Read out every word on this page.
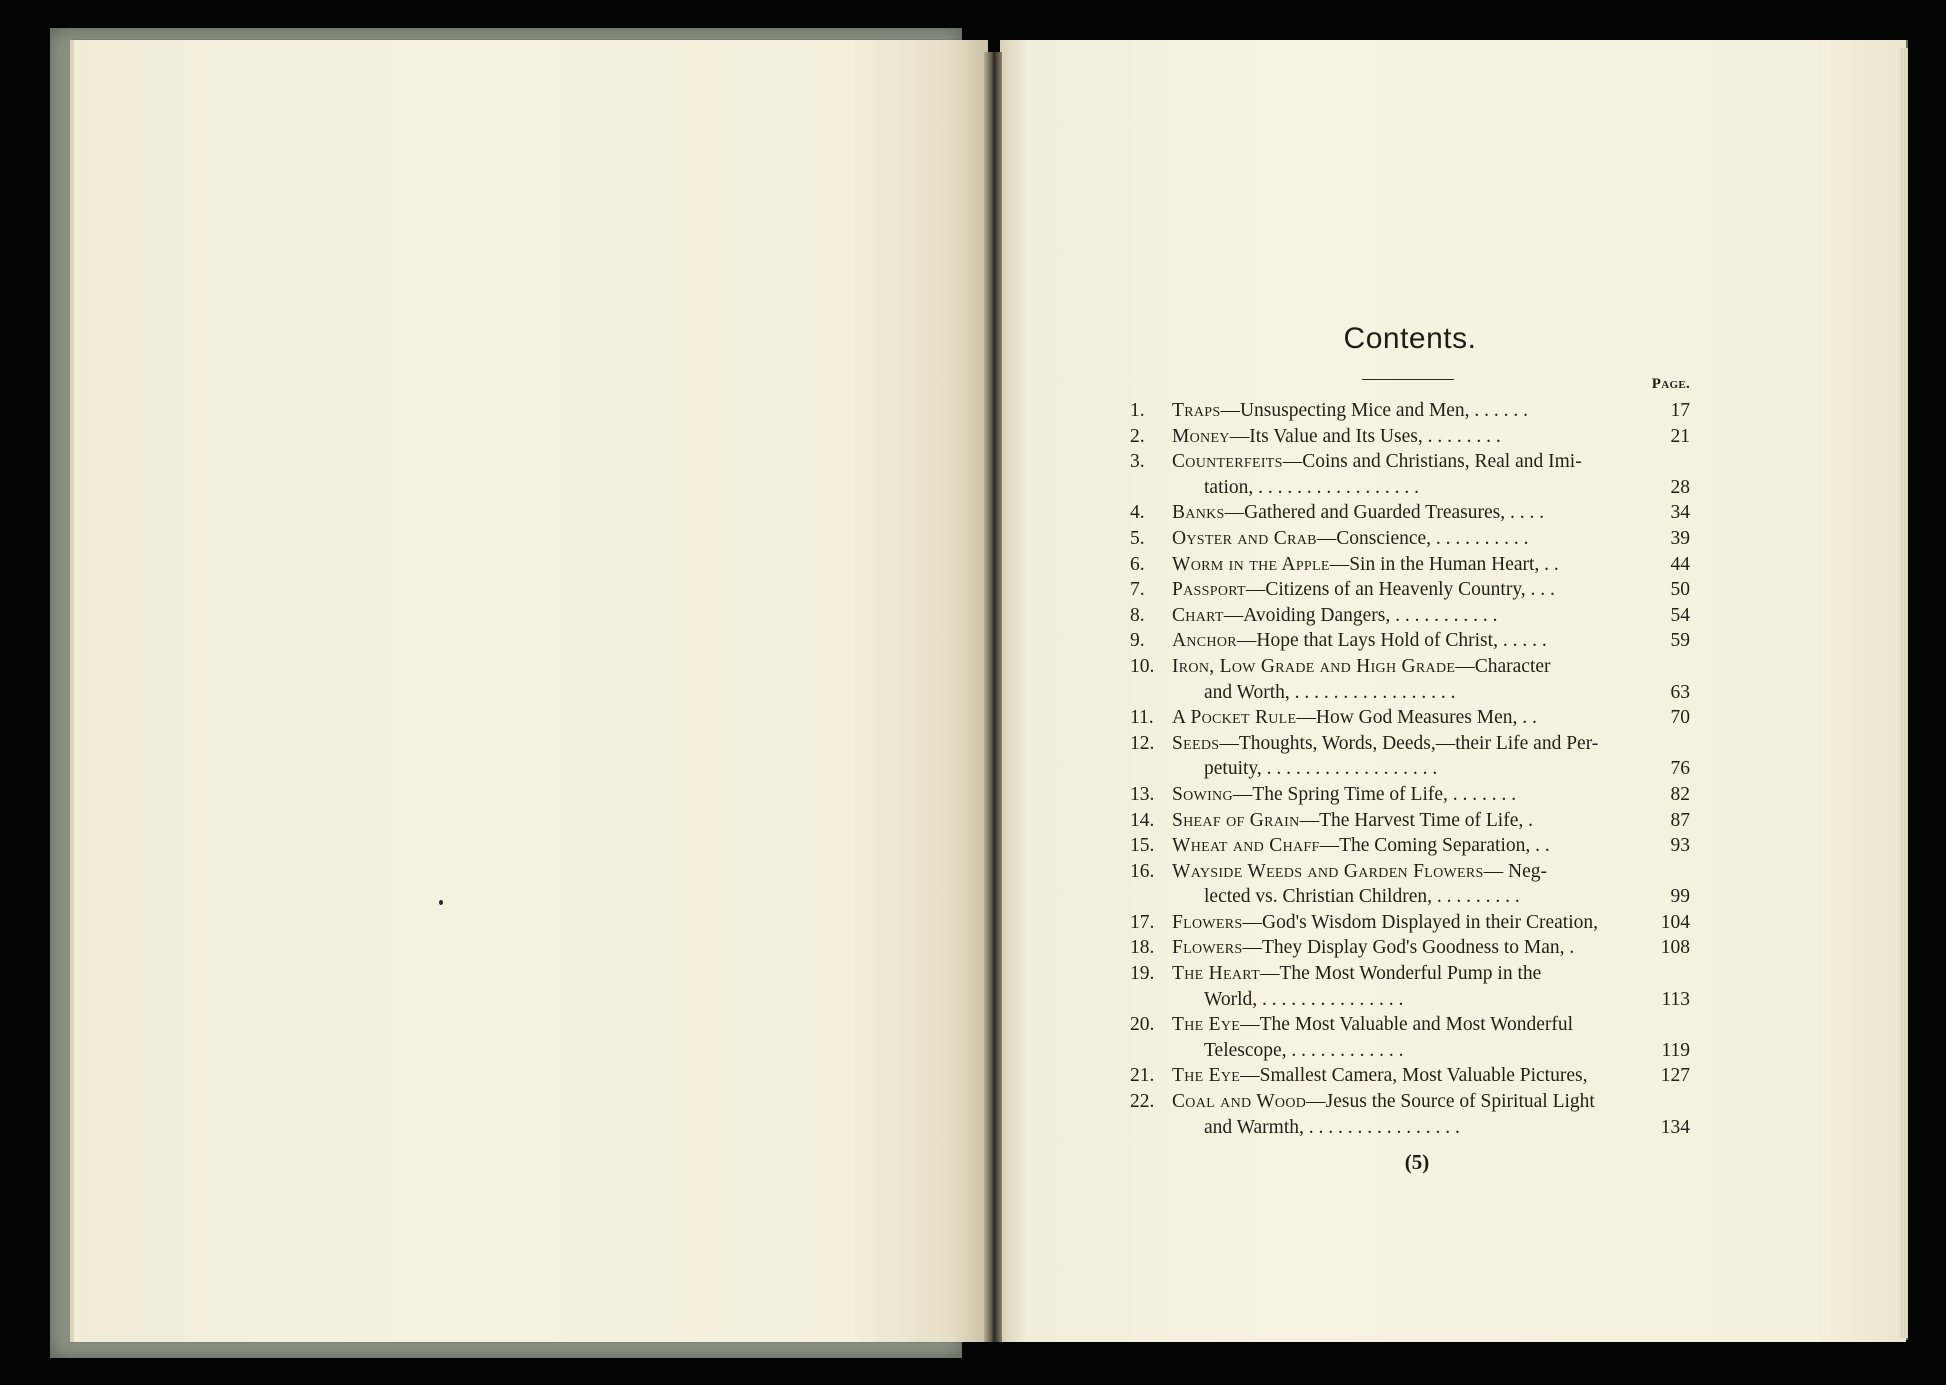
Contents.
Page.
1.	Traps—Unsuspecting Mice and Men, . . . . . .	17
2.	Money—Its Value and Its Uses, . . . . . . . .	21
3.	Counterfeits—Coins and Christians, Real and Imi-
tation, . . . . . . . . . . . . . . . . .	28
4.	Banks—Gathered and Guarded Treasures, . . . .	34
5.	Oyster and Crab—Conscience, . . . . . . . . . .	39
6.	Worm in the Apple—Sin in the Human Heart, . .	44
7.	Passport—Citizens of an Heavenly Country, . . .	50
8.	Chart—Avoiding Dangers, . . . . . . . . . . .	54
9.	Anchor—Hope that Lays Hold of Christ, . . . . .	59
10. Iron, Low Grade and High Grade—Character
and Worth, . . . . . . . . . . . . . . . . .	63
11. A Pocket Rule—How God Measures Men, . .	70
12. Seeds—Thoughts, Words, Deeds,—their Life and Per-
petuity, . . . . . . . . . . . . . . . . . .	76
13. Sowing—The Spring Time of Life, . . . . . . .	82
14. Sheaf of Grain—The Harvest Time of Life, .	87
15. Wheat and Chaff—The Coming Separation, . .	93
16. Wayside Weeds and Garden Flowers— Neg-
lected vs. Christian Children, . . . . . . . . .	99
17. Flowers—God's Wisdom Displayed in their Creation,	104
18. Flowers—They Display God's Goodness to Man, .	108
19. The Heart—The Most Wonderful Pump in the
World, . . . . . . . . . . . . . . .	113
20. The Eye—The Most Valuable and Most Wonderful
Telescope, . . . . . . . . . . . .	119
21. The Eye—Smallest Camera, Most Valuable Pictures,	127
22. Coal and Wood—Jesus the Source of Spiritual Light
and Warmth, . . . . . . . . . . . . . . . .	134
(5)
